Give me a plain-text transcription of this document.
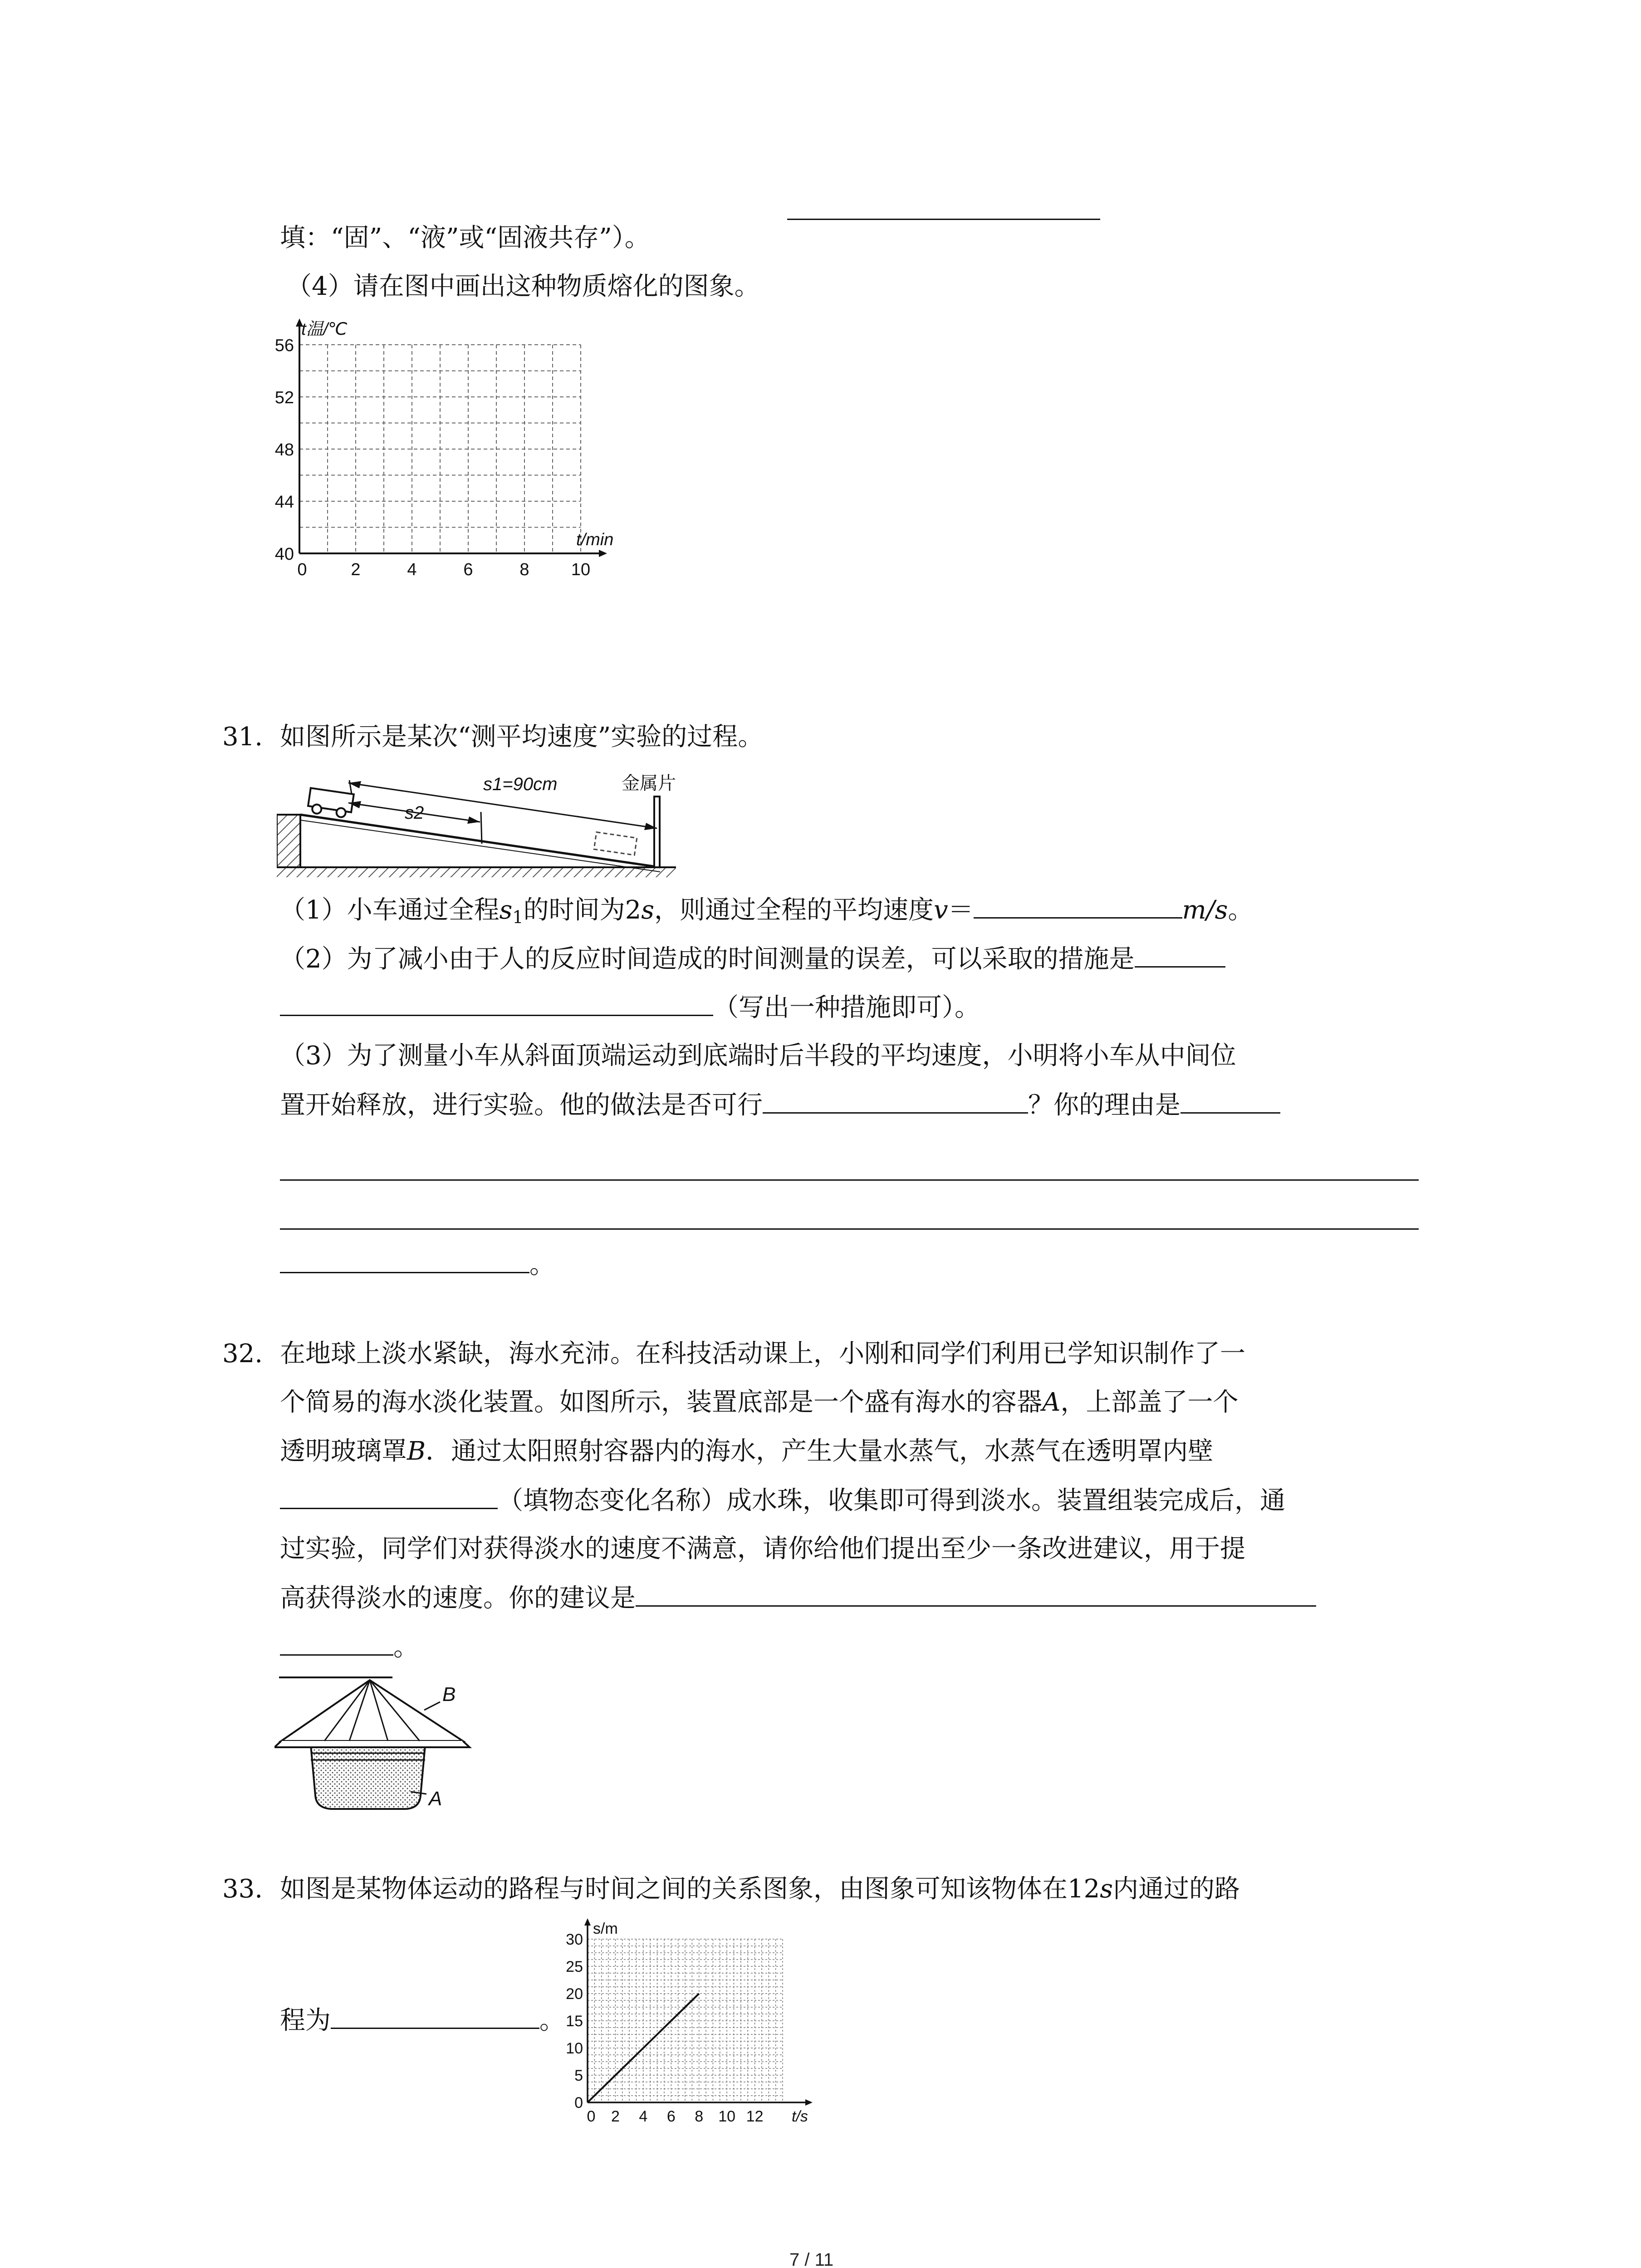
填：“固”、“液”或“固液共存”）。
（4）请在图中画出这种物质熔化的图象。
40
44
48
52
56
0	2	4	6	8 10
t温/℃
t/min
31. 如图所示是某次“测平均速度”实验的过程。
s1=90cm
s2
金属片
（1）小车通过全程$s_1$的时间为2s，则通过全程的平均速度v＝	m/s。
（2）为了减小由于人的反应时间造成的时间测量的误差，可以采取的措施是
（写出一种措施即可）。
（3）为了测量小车从斜面顶端运动到底端时后半段的平均速度，小明将小车从中间位
置开始释放，进行实验。他的做法是否可行	？你的理由是
。
32. 在地球上淡水紧缺，海水充沛。在科技活动课上，小刚和同学们利用已学知识制作了一
个简易的海水淡化装置。如图所示，装置底部是一个盛有海水的容器A，上部盖了一个
透明玻璃罩B．通过太阳照射容器内的海水，产生大量水蒸气，水蒸气在透明罩内壁
（填物态变化名称）成水珠，收集即可得到淡水。装置组装完成后，通
过实验，同学们对获得淡水的速度不满意，请你给他们提出至少一条改进建议，用于提
高获得淡水的速度。你的建议是
。
B
A
33. 如图是某物体运动的路程与时间之间的关系图象，由图象可知该物体在12s内通过的路
程为	。
0
5
10
15
20
25
30
0 2 4 6 8 10 12
s/m
t/s
7 / 11
